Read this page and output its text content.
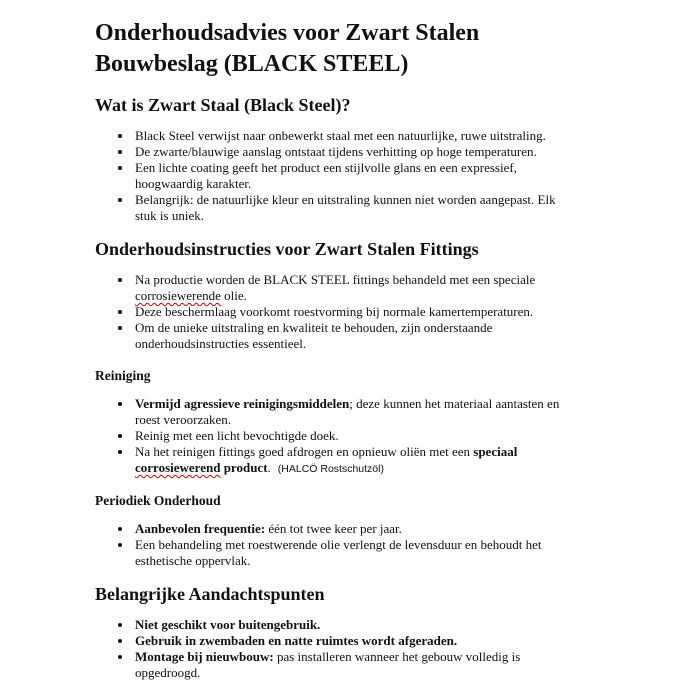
Onderhoudsadvies voor Zwart Stalen Bouwbeslag (BLACK STEEL)
Wat is Zwart Staal (Black Steel)?
• Black Steel verwijst naar onbewerkt staal met een natuurlijke, ruwe uitstraling.
• De zwarte/blauwige aanslag ontstaat tijdens verhitting op hoge temperaturen.
• Een lichte coating geeft het product een stijlvolle glans en een expressief, hoogwaardig karakter.
• Belangrijk: de natuurlijke kleur en uitstraling kunnen niet worden aangepast. Elk stuk is uniek.
Onderhoudsinstructies voor Zwart Stalen Fittings
• Na productie worden de BLACK STEEL fittings behandeld met een speciale corrosiewerende olie.
• Deze beschermlaag voorkomt roestvorming bij normale kamertemperaturen.
• Om de unieke uitstraling en kwaliteit te behouden, zijn onderstaande onderhoudsinstructies essentieel.
Reiniging
• Vermijd agressieve reinigingsmiddelen; deze kunnen het materiaal aantasten en roest veroorzaken.
• Reinig met een licht bevochtigde doek.
• Na het reinigen fittings goed afdrogen en opnieuw oliën met een speciaal corrosiewerend product. (HALCÖ Rostschutzöl)
Periodiek Onderhoud
• Aanbevolen frequentie: één tot twee keer per jaar.
• Een behandeling met roestwerende olie verlengt de levensduur en behoudt het esthetische oppervlak.
Belangrijke Aandachtspunten
• Niet geschikt voor buitengebruik.
• Gebruik in zwembaden en natte ruimtes wordt afgeraden.
• Montage bij nieuwbouw: pas installeren wanneer het gebouw volledig is opgedroogd.
